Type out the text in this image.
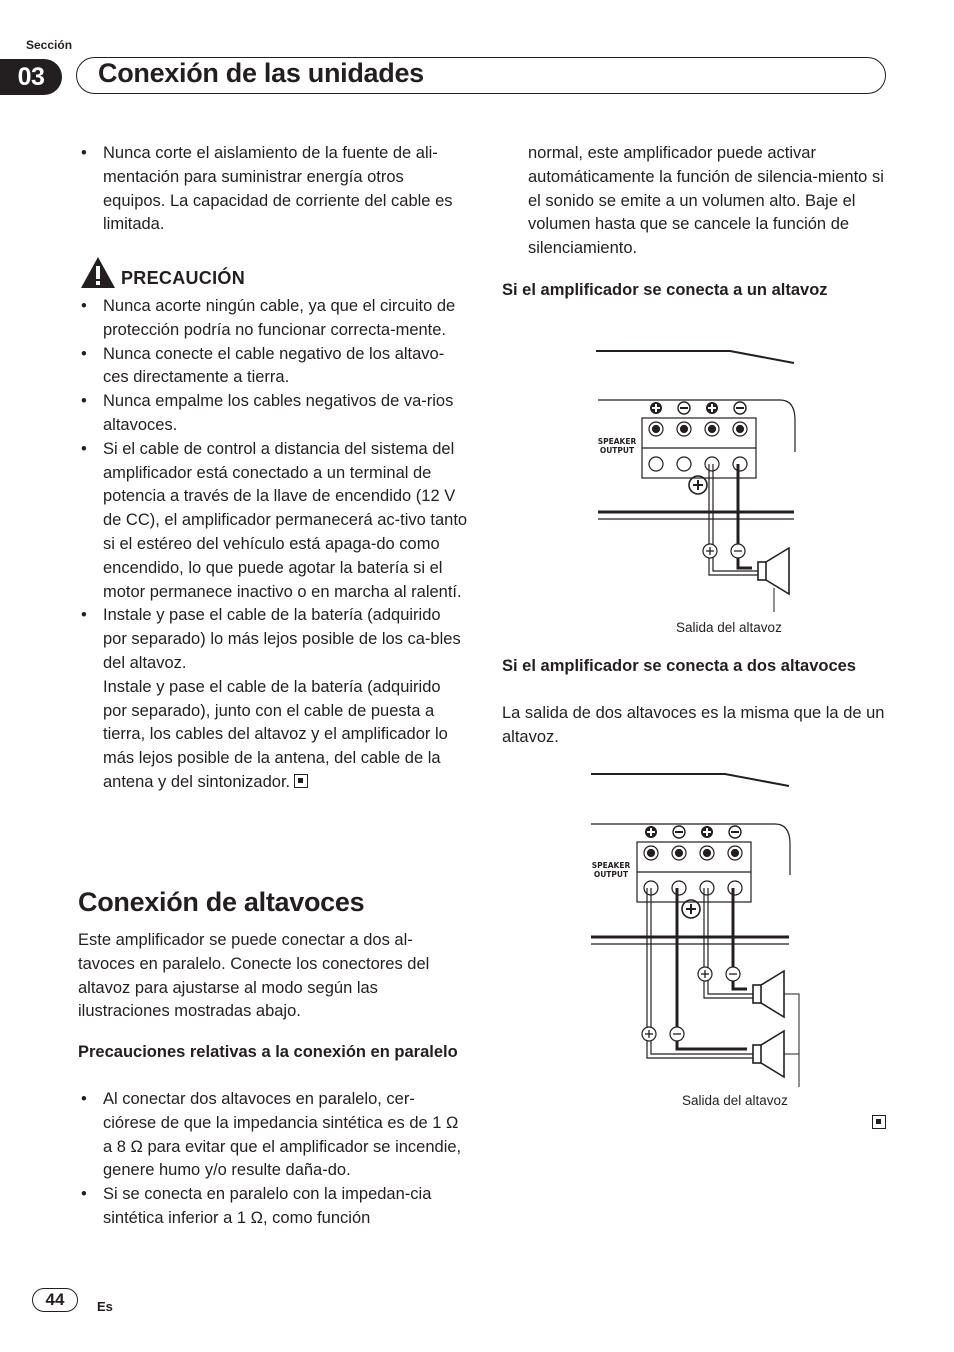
Sección
03	Conexión de las unidades
• Nunca corte el aislamiento de la fuente de ali-mentación para suministrar energía otros equipos. La capacidad de corriente del cable es limitada.
PRECAUCIÓN
• Nunca acorte ningún cable, ya que el circuito de protección podría no funcionar correcta-mente.
• Nunca conecte el cable negativo de los altavo-ces directamente a tierra.
• Nunca empalme los cables negativos de va-rios altavoces.
• Si el cable de control a distancia del sistema del amplificador está conectado a un terminal de potencia a través de la llave de encendido (12 V de CC), el amplificador permanecerá ac-tivo tanto si el estéreo del vehículo está apaga-do como encendido, lo que puede agotar la batería si el motor permanece inactivo o en marcha al ralentí.
• Instale y pase el cable de la batería (adquirido por separado) lo más lejos posible de los ca-bles del altavoz.
Instale y pase el cable de la batería (adquirido por separado), junto con el cable de puesta a tierra, los cables del altavoz y el amplificador lo más lejos posible de la antena, del cable de la antena y del sintonizador.
Conexión de altavoces
Este amplificador se puede conectar a dos al-tavoces en paralelo. Conecte los conectores del altavoz para ajustarse al modo según las ilustraciones mostradas abajo.
Precauciones relativas a la conexión en paralelo
• Al conectar dos altavoces en paralelo, cer-ciórese de que la impedancia sintética es de 1 Ω a 8 Ω para evitar que el amplificador se incendie, genere humo y/o resulte daña-do.
• Si se conecta en paralelo con la impedan-cia sintética inferior a 1 Ω, como función
normal, este amplificador puede activar automáticamente la función de silencia-miento si el sonido se emite a un volumen alto. Baje el volumen hasta que se cancele la función de silenciamiento.
Si el amplificador se conecta a un altavoz
SPEAKER
OUTPUT
Salida del altavoz
Si el amplificador se conecta a dos altavoces
La salida de dos altavoces es la misma que la de un altavoz.
SPEAKER
OUTPUT
Salida del altavoz
44	Es
